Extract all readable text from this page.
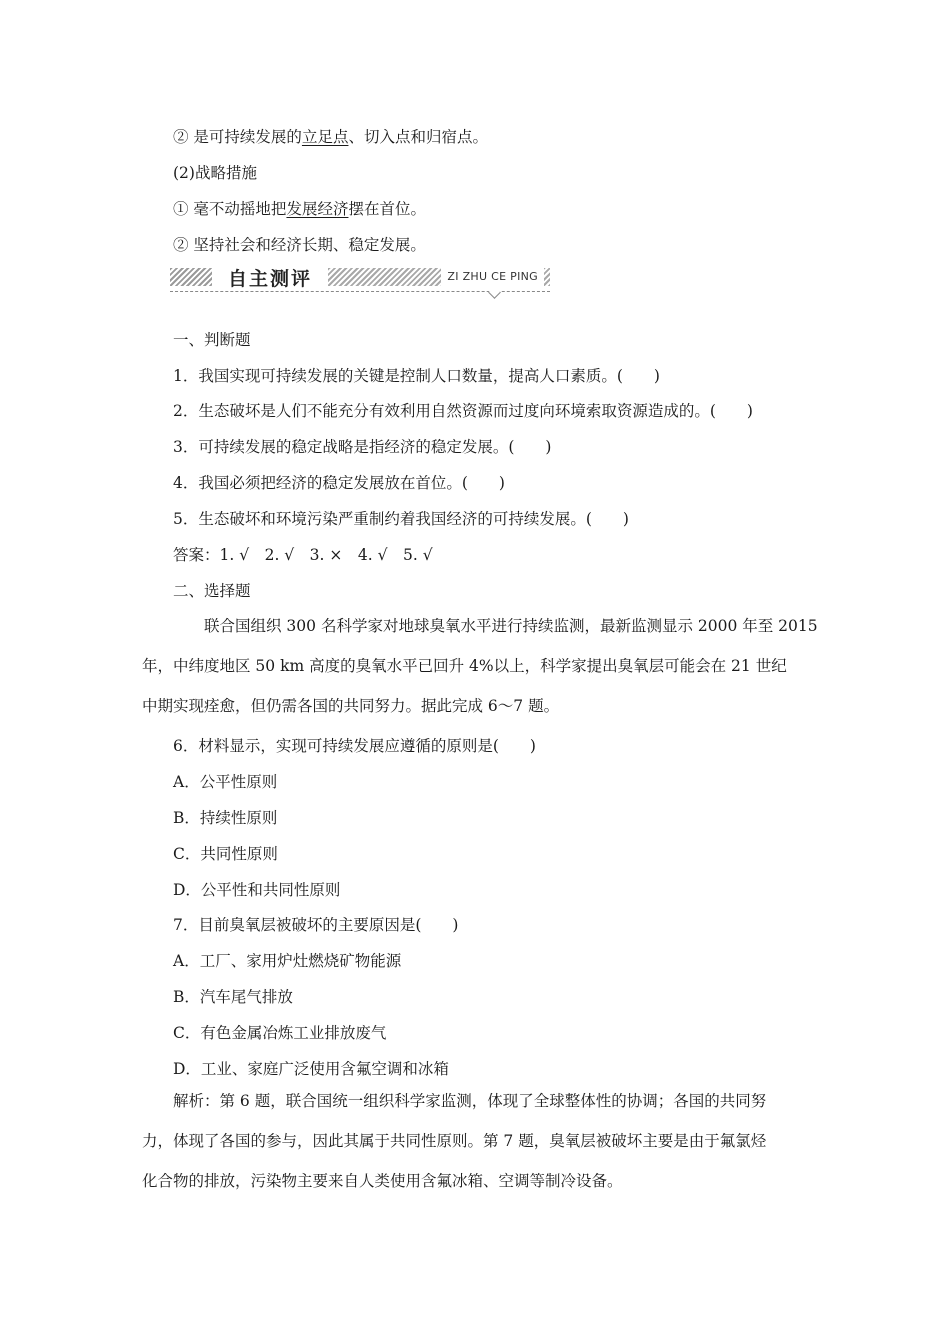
② 是可持续发展的立足点、切入点和归宿点。
(2)战略措施
① 毫不动摇地把发展经济摆在首位。
② 坚持社会和经济长期、稳定发展。
自主测评	ZI ZHU CE PING
一、判断题
1．我国实现可持续发展的关键是控制人口数量，提高人口素质。(　　)
2．生态破坏是人们不能充分有效利用自然资源而过度向环境索取资源造成的。(　　)
3．可持续发展的稳定战略是指经济的稳定发展。(　　)
4．我国必须把经济的稳定发展放在首位。(　　)
5．生态破坏和环境污染严重制约着我国经济的可持续发展。(　　)
答案：1. √　2. √　3. ×　4. √　5. √
二、选择题
　　联合国组织 300 名科学家对地球臭氧水平进行持续监测，最新监测显示 2000 年至 2015
年，中纬度地区 50 km 高度的臭氧水平已回升 4%以上，科学家提出臭氧层可能会在 21 世纪
中期实现痊愈，但仍需各国的共同努力。据此完成 6～7 题。
6．材料显示，实现可持续发展应遵循的原则是(　　)
A．公平性原则
B．持续性原则
C．共同性原则
D．公平性和共同性原则
7．目前臭氧层被破坏的主要原因是(　　)
A．工厂、家用炉灶燃烧矿物能源
B．汽车尾气排放
C．有色金属冶炼工业排放废气
D．工业、家庭广泛使用含氟空调和冰箱
　　解析：第 6 题，联合国统一组织科学家监测，体现了全球整体性的协调；各国的共同努
力，体现了各国的参与，因此其属于共同性原则。第 7 题，臭氧层被破坏主要是由于氟氯烃
化合物的排放，污染物主要来自人类使用含氟冰箱、空调等制冷设备。
